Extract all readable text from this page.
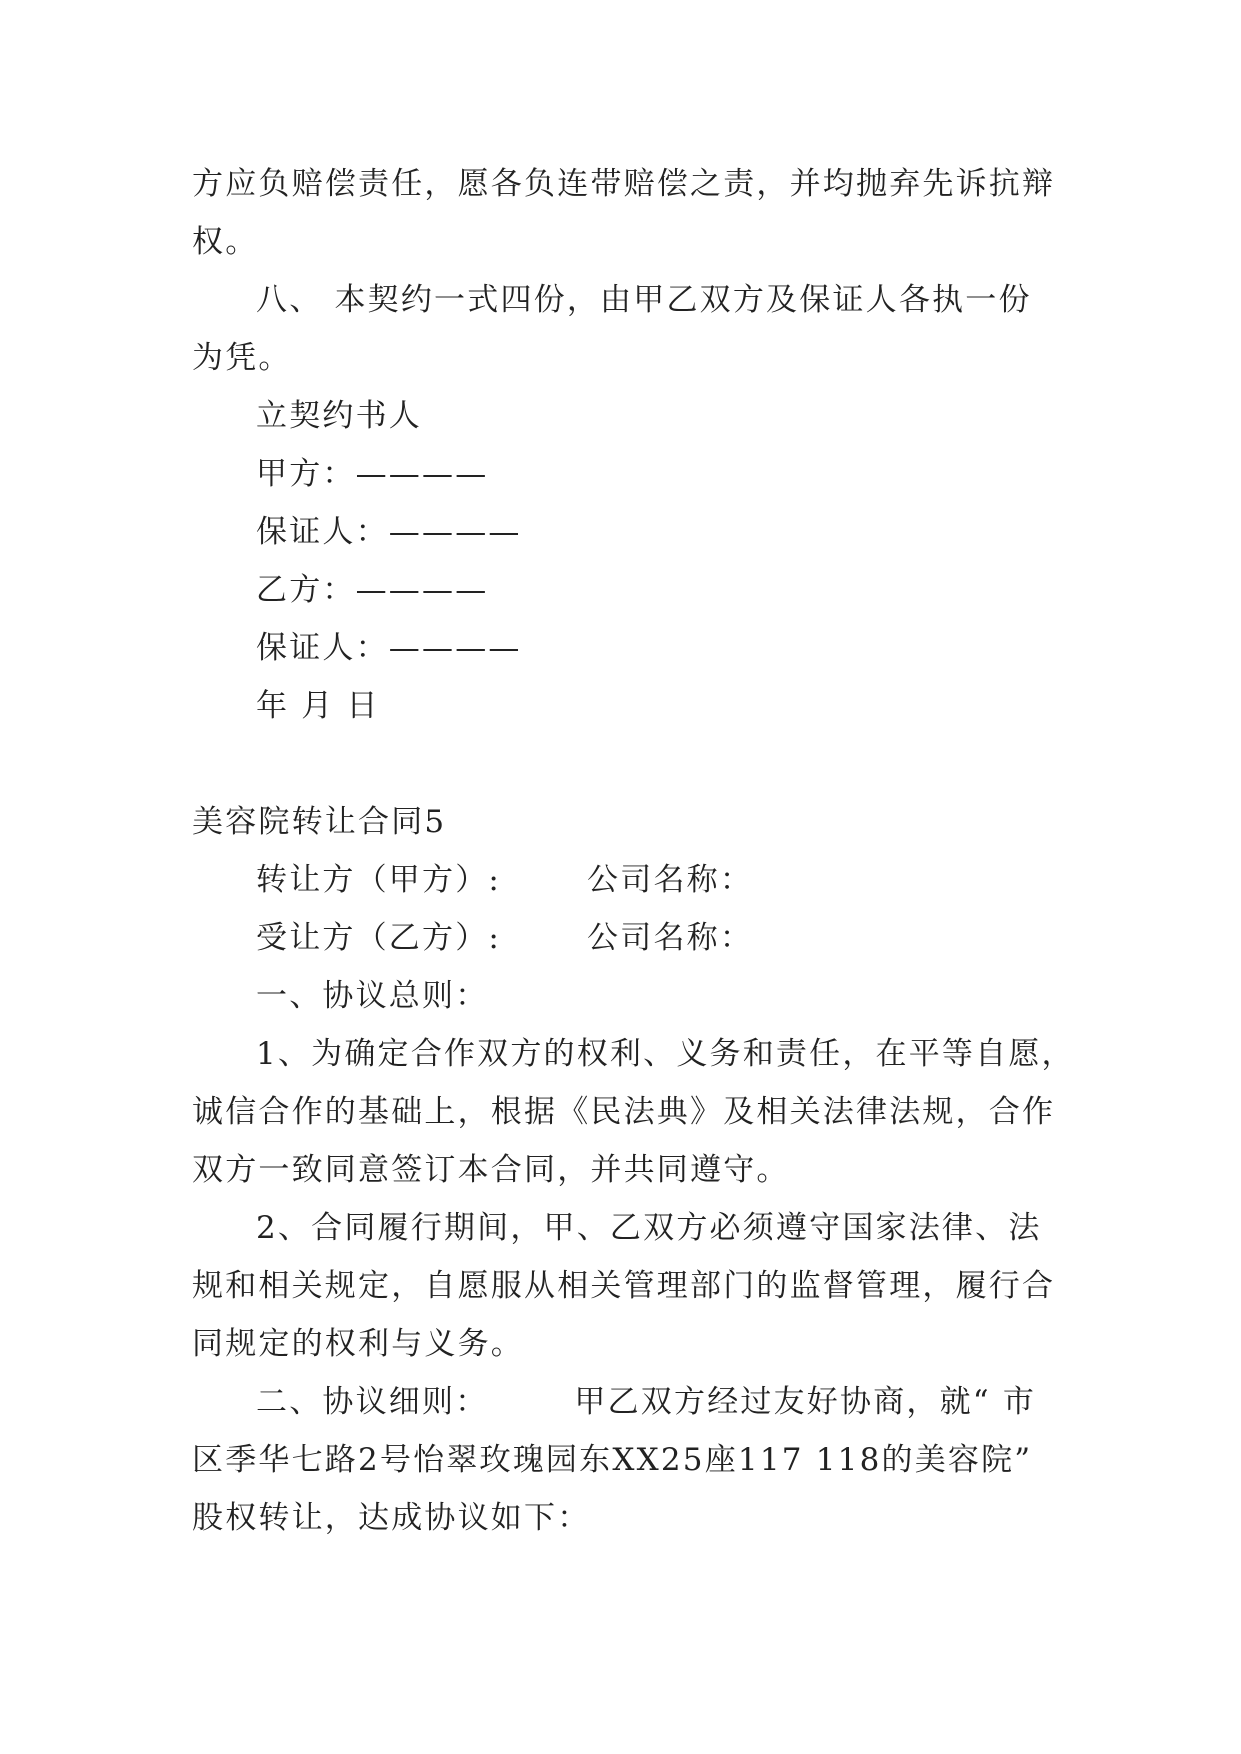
方应负赔偿责任，愿各负连带赔偿之责，并均抛弃先诉抗辩
权。
八、 本契约一式四份，由甲乙双方及保证人各执一份
为凭。
立契约书人
甲方：————
保证人：————
乙方：————
保证人：————
年 月 日
美容院转让合同5
转让方（甲方）:	公司名称：
受让方（乙方）:	公司名称：
一、协议总则：
1、为确定合作双方的权利、义务和责任，在平等自愿，
诚信合作的基础上，根据《民法典》及相关法律法规，合作
双方一致同意签订本合同，并共同遵守。
2、合同履行期间，甲、乙双方必须遵守国家法律、法
规和相关规定，自愿服从相关管理部门的监督管理，履行合
同规定的权利与义务。
二、协议细则：	甲乙双方经过友好协商，就“ 市
区季华七路2号怡翠玫瑰园东XX25座117 118的美容院”
股权转让，达成协议如下：
